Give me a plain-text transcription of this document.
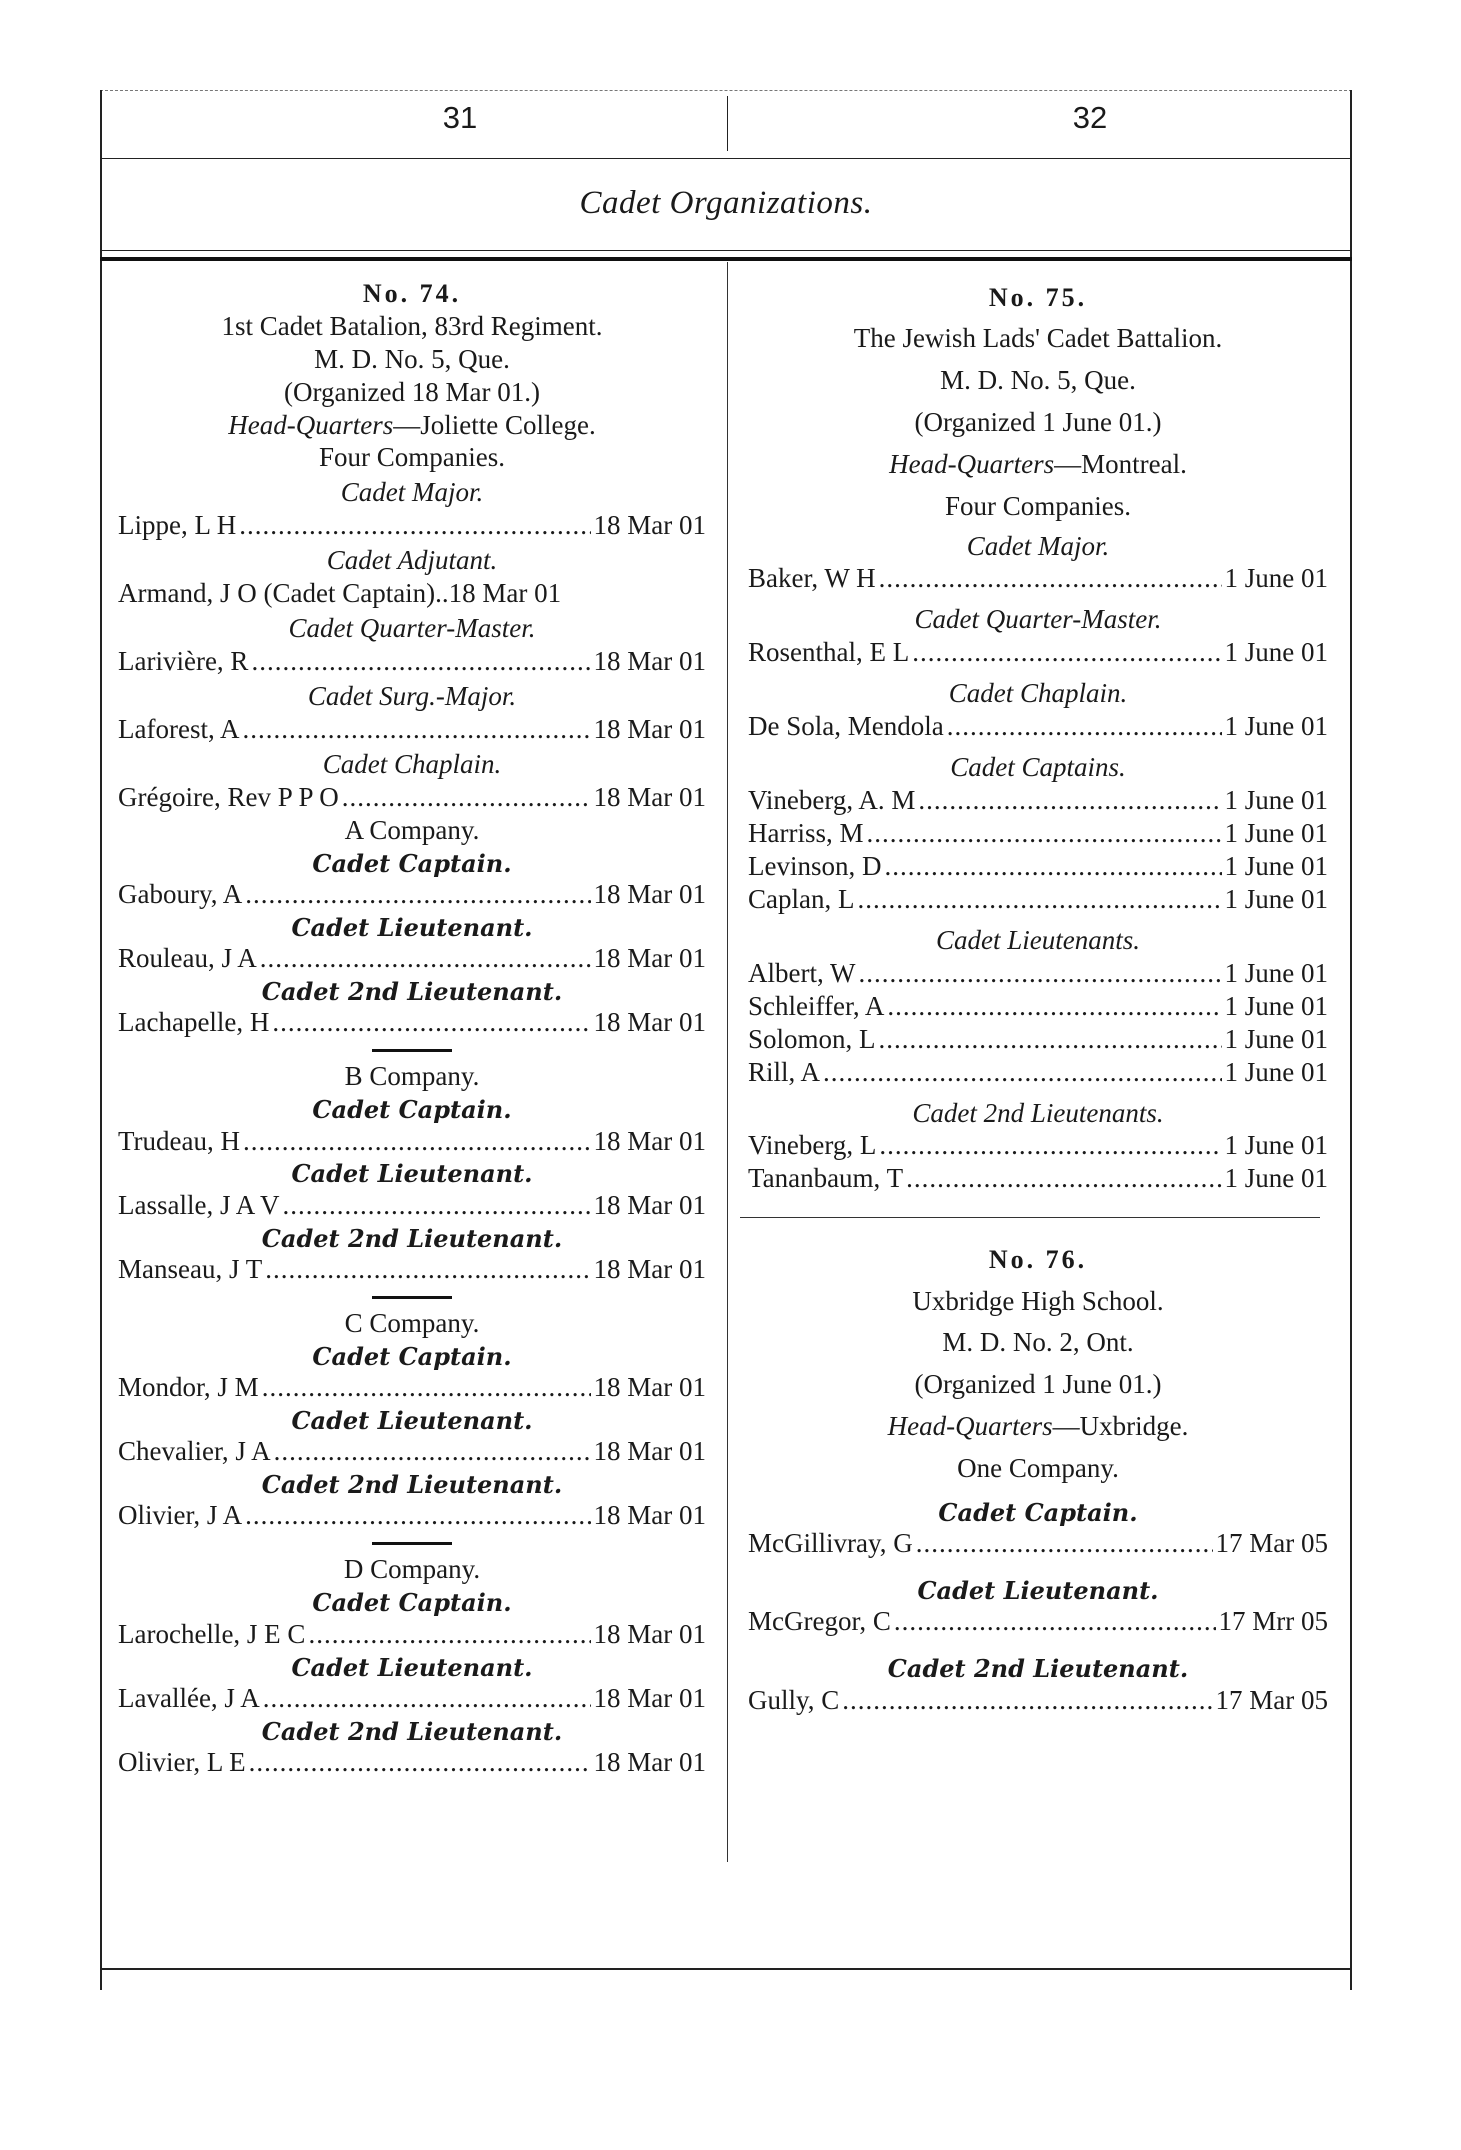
31	32
Cadet Organizations.
No. 74.
1st Cadet Batalion, 83rd Regiment.
M. D. No. 5, Que.
(Organized 18 Mar 01.)
Head-Quarters—Joliette College.
Four Companies.
Cadet Major.
Lippe, L H .....	18 Mar 01
Cadet Adjutant.
Armand, J O (Cadet Captain).. 18 Mar 01
Cadet Quarter-Master.
Larivière, R .....	18 Mar 01
Cadet Surg.-Major.
Laforest, A .....	18 Mar 01
Cadet Chaplain.
Grégoire, Rev P P O .....	18 Mar 01
A Company.
Cadet Captain.
Gaboury, A .....	18 Mar 01
Cadet Lieutenant.
Rouleau, J A .....	18 Mar 01
Cadet 2nd Lieutenant.
Lachapelle, H .....	18 Mar 01
B Company.
Cadet Captain.
Trudeau, H .....	18 Mar 01
Cadet Lieutenant.
Lassalle, J A V .....	18 Mar 01
Cadet 2nd Lieutenant.
Manseau, J T .....	18 Mar 01
C Company.
Cadet Captain.
Mondor, J M .....	18 Mar 01
Cadet Lieutenant.
Chevalier, J A .....	18 Mar 01
Cadet 2nd Lieutenant.
Olivier, J A .....	18 Mar 01
D Company.
Cadet Captain.
Larochelle, J E C .....	18 Mar 01
Cadet Lieutenant.
Lavallée, J A .....	18 Mar 01
Cadet 2nd Lieutenant.
Olivier, L E .....	18 Mar 01
No. 75.
The Jewish Lads' Cadet Battalion.
M. D. No. 5, Que.
(Organized 1 June 01.)
Head-Quarters—Montreal.
Four Companies.
Cadet Major.
Baker, W H .....	1 June 01
Cadet Quarter-Master.
Rosenthal, E L .....	1 June 01
Cadet Chaplain.
De Sola, Mendola .....	1 June 01
Cadet Captains.
Vineberg, A. M .....	1 June 01
Harriss, M .....	1 June 01
Levinson, D .....	1 June 01
Caplan, L .....	1 June 01
Cadet Lieutenants.
Albert, W .....	1 June 01
Schleiffer, A .....	1 June 01
Solomon, L .....	1 June 01
Rill, A .....	1 June 01
Cadet 2nd Lieutenants.
Vineberg, L .....	1 June 01
Tananbaum, T .....	1 June 01
No. 76.
Uxbridge High School.
M. D. No. 2, Ont.
(Organized 1 June 01.)
Head-Quarters—Uxbridge.
One Company.
Cadet Captain.
McGillivray, G .....	17 Mar 05
Cadet Lieutenant.
McGregor, C .....	17 Mrr 05
Cadet 2nd Lieutenant.
Gully, C .....	17 Mar 05
